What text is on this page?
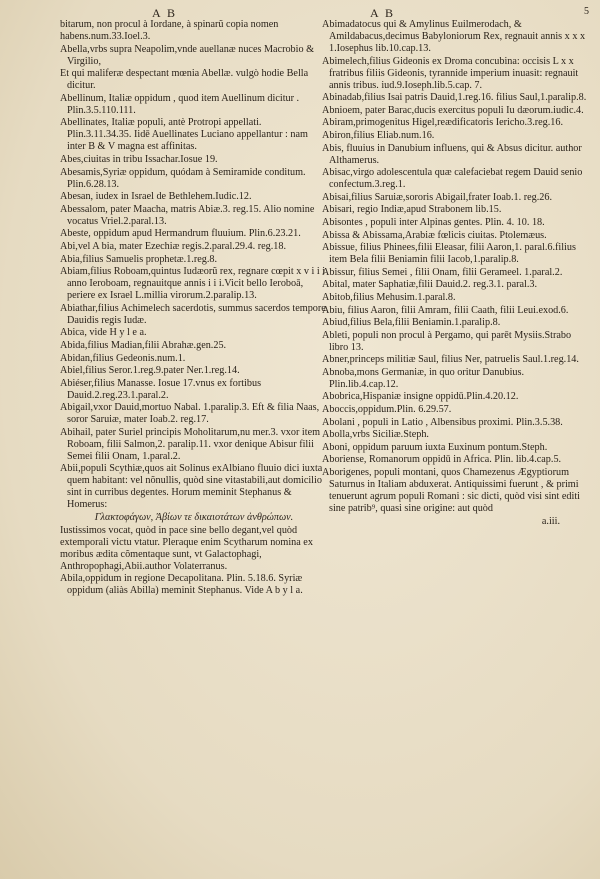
A B	A B	5

bitarum, non procul à Iordane, à spinarũ copia nomen habens.num.33.Ioel.3.

Abella,vrbs supra Neapolim,vnde auellanæ nuces Macrobio & Virgilio,

Et qui maliferæ despectant mœnia Abellæ. vulgò hodie Bella dicitur.

Abellinum, Italiæ oppidum , quod item Auellinum dicitur . Plin.3.5.110.111.

Abellinates, Italiæ populi, antè Protropi appellati. Plin.3.11.34.35. Iidē Auellinates Luciano appellantur : nam inter B & V magna est affinitas.

Abes,ciuitas in tribu Issachar.Iosue 19.

Abesamis,Syriæ oppidum, quódam à Semiramide conditum. Plin.6.28.13.

Abesan, iudex in Israel de Bethlehem.Iudic.12.

Abessalom, pater Maacha, matris Abiæ.3. reg.15. Alio nomine vocatus Vriel.2.paral.13.

Abeste, oppidum apud Hermandrum fluuium. Plin.6.23.21.

Abi,vel A bia, mater Ezechiæ regis.2.paral.29.4. reg.18.

Abia,filius Samuelis prophetæ.1.reg.8.

Abiam,filius Roboam,quintus Iudæorũ rex, regnare cœpit x v i i i anno Ieroboam, regnauitque annis i i i.Vicit bello Ieroboā, periere ex Israel L.millia virorum.2.paralip.13.

Abiathar,filius Achimelech sacerdotis, summus sacerdos tempore Dauidis regis Iudæ.

Abica, vide H y l e a.

Abida,filius Madian,filii Abrahæ.gen.25.

Abidan,filius Gedeonis.num.1.

Abiel,filius Seror.1.reg.9.pater Ner.1.reg.14.

Abiéser,filius Manasse. Iosue 17.vnus ex fortibus Dauid.2.reg.23.1.paral.2.

Abigail,vxor Dauid,mortuo Nabal. 1.paralip.3. Eft & filia Naas, soror Saruiæ, mater Ioab.2. reg.17.

Abihail, pater Suriel principis Moholitarum,nu mer.3. vxor item Roboam, filii Salmon,2. paralip.11. vxor denique Abisur filii Semei filii Onam, 1.paral.2.

Abii,populi Scythiæ,quos ait Solinus exAlbiano fluuio dici iuxta quem habitant: vel nõnullis, quòd sine vitastabili,aut domicilio sint in curribus degentes. Horum meminit Stephanus & Homerus:

Γλακτοφάγων, Ἀβίων τε δικαιοτάτων ἀνθρώπων.

Iustissimos vocat, quòd in pace sine bello degant,vel quòd extemporali victu vtatur. Pleraque enim Scytharum nomina ex moribus ædita cõmentaque sunt, vt Galactophagi, Anthropophagi,Abii.author Volaterranus.

Abila,oppidum in regione Decapolitana. Plin. 5.18.6. Syriæ oppidum (aliàs Abilla) meminit Stephanus. Vide A b y l a.

Abimadatocus qui & Amylinus Euilmerodach, & Amildabacus,decimus Babyloniorum Rex, regnauit annis x x x 1.Iosephus lib.10.cap.13.

Abimelech,filius Gideonis ex Droma concubina: occisis L x x fratribus filiis Gideonis, tyrannide imperium inuasit: regnauit annis tribus. iud.9.Ioseph.lib.5.cap. 7.

Abinadab,filius Isai patris Dauid,1.reg.16. filius Saul,1.paralip.8.

Abnioem, pater Barac,ducis exercitus populi Iu dæorum.iudic.4.

Abiram,primogenitus Higel,reædificatoris Iericho.3.reg.16.

Abiron,filius Eliab.num.16.

Abis, fluuius in Danubium influens, qui & Absus dicitur. author Althamerus.

Abisac,virgo adolescentula quæ calefaciebat regem Dauid senio confectum.3.reg.1.

Abisai,filius Saruiæ,sororis Abigail,frater Ioab.1. reg.26.

Abisari, regio Indiæ,apud Strabonem lib.15.

Abisontes , populi inter Alpinas gentes. Plin. 4. 10. 18.

Abissa & Abissama,Arabiæ fœlicis ciuitas. Ptolemæus.

Abissue, filius Phinees,filii Eleasar, filii Aaron,1. paral.6.filius item Bela filii Beniamin filii Iacob,1.paralip.8.

Abissur, filius Semei , filii Onam, filii Gerameel. 1.paral.2.

Abital, mater Saphatiæ,filii Dauid.2. reg.3.1. paral.3.

Abitob,filius Mehusim.1.paral.8.

Abiu, filius Aaron, filii Amram, filii Caath, filii Leui.exod.6.

Abiud,filius Bela,filii Beniamin.1.paralip.8.

Ableti, populi non procul à Pergamo, qui parēt Mysiis.Strabo libro 13.

Abner,princeps militiæ Saul, filius Ner, patruelis Saul.1.reg.14.

Abnoba,mons Germaniæ, in quo oritur Danubius. Plin.lib.4.cap.12.

Abobrica,Hispaniæ insigne oppidū.Plin.4.20.12.

Aboccis,oppidum.Plin. 6.29.57.

Abolani , populi in Latio , Albensibus proximi. Plin.3.5.38.

Abolla,vrbs Siciliæ.Steph.

Aboni, oppidum paruum iuxta Euxinum pontum.Steph.

Aboriense, Romanorum oppidū in Africa. Plin. lib.4.cap.5.

Aborigenes, populi montani, quos Chamezenus Ægyptiorum Saturnus in Italiam abduxerat. Antiquissimi fuerunt , & primi tenuerunt agrum populi Romani : sic dicti, quòd visi sint editi sine patrib⁹, quasi sine origine: aut quòd

a.iii.
